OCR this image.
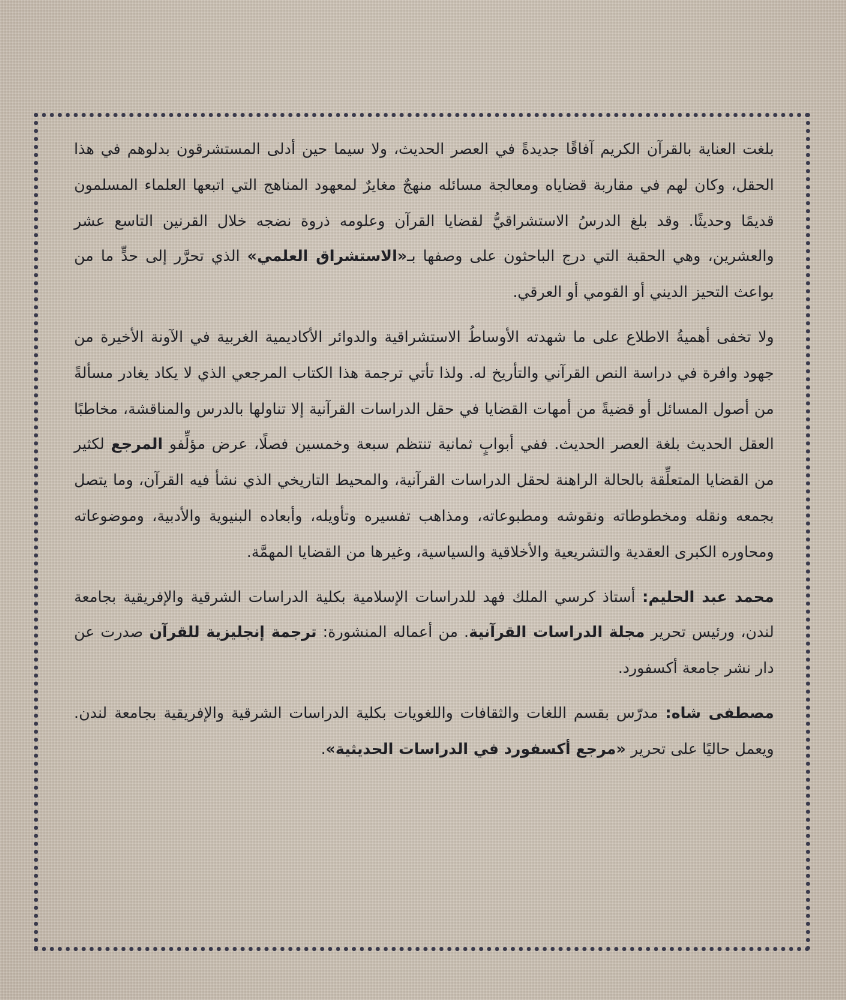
بلغت العناية بالقرآن الكريم آفاقًا جديدةً في العصر الحديث، ولا سيما حين أدلى المستشرقون بدلوهم في هذا الحقل، وكان لهم في مقاربة قضاياه ومعالجة مسائله منهجٌ مغايرٌ لمعهود المناهج التي اتبعها العلماء المسلمون قديمًا وحديثًا. وقد بلغ الدرسُ الاستشراقيُّ لقضايا القرآن وعلومه ذروة نضجه خلال القرنين التاسع عشر والعشرين، وهي الحقبة التي درج الباحثون على وصفها بـ«الاستشراق العلمي» الذي تحرَّر إلى حدٍّ ما من بواعث التحيز الديني أو القومي أو العرقي.

ولا تخفى أهميةُ الاطلاع على ما شهدته الأوساطُ الاستشراقية والدوائر الأكاديمية الغربية في الآونة الأخيرة من جهود وافرة في دراسة النص القرآني والتأريخ له. ولذا تأتي ترجمة هذا الكتاب المرجعي الذي لا يكاد يغادر مسألةً من أصول المسائل أو قضيةً من أمهات القضايا في حقل الدراسات القرآنية إلا تناولها بالدرس والمناقشة، مخاطبًا العقل الحديث بلغة العصر الحديث. ففي أبوابٍ ثمانية تنتظم سبعة وخمسين فصلًا، عرض مؤلِّفو المرجع لكثير من القضايا المتعلِّقة بالحالة الراهنة لحقل الدراسات القرآنية، والمحيط التاريخي الذي نشأ فيه القرآن، وما يتصل بجمعه ونقله ومخطوطاته ونقوشه ومطبوعاته، ومذاهب تفسيره وتأويله، وأبعاده البنيوية والأدبية، وموضوعاته ومحاوره الكبرى العقدية والتشريعية والأخلاقية والسياسية، وغيرها من القضايا المهمَّة.

محمد عبد الحليم: أستاذ كرسي الملك فهد للدراسات الإسلامية بكلية الدراسات الشرقية والإفريقية بجامعة لندن، ورئيس تحرير مجلة الدراسات القرآنية. من أعماله المنشورة: ترجمة إنجليزية للقرآن صدرت عن دار نشر جامعة أكسفورد.

مصطفى شاه: مدرّس بقسم اللغات والثقافات واللغويات بكلية الدراسات الشرقية والإفريقية بجامعة لندن. ويعمل حاليًا على تحرير «مرجع أكسفورد في الدراسات الحديثية».
